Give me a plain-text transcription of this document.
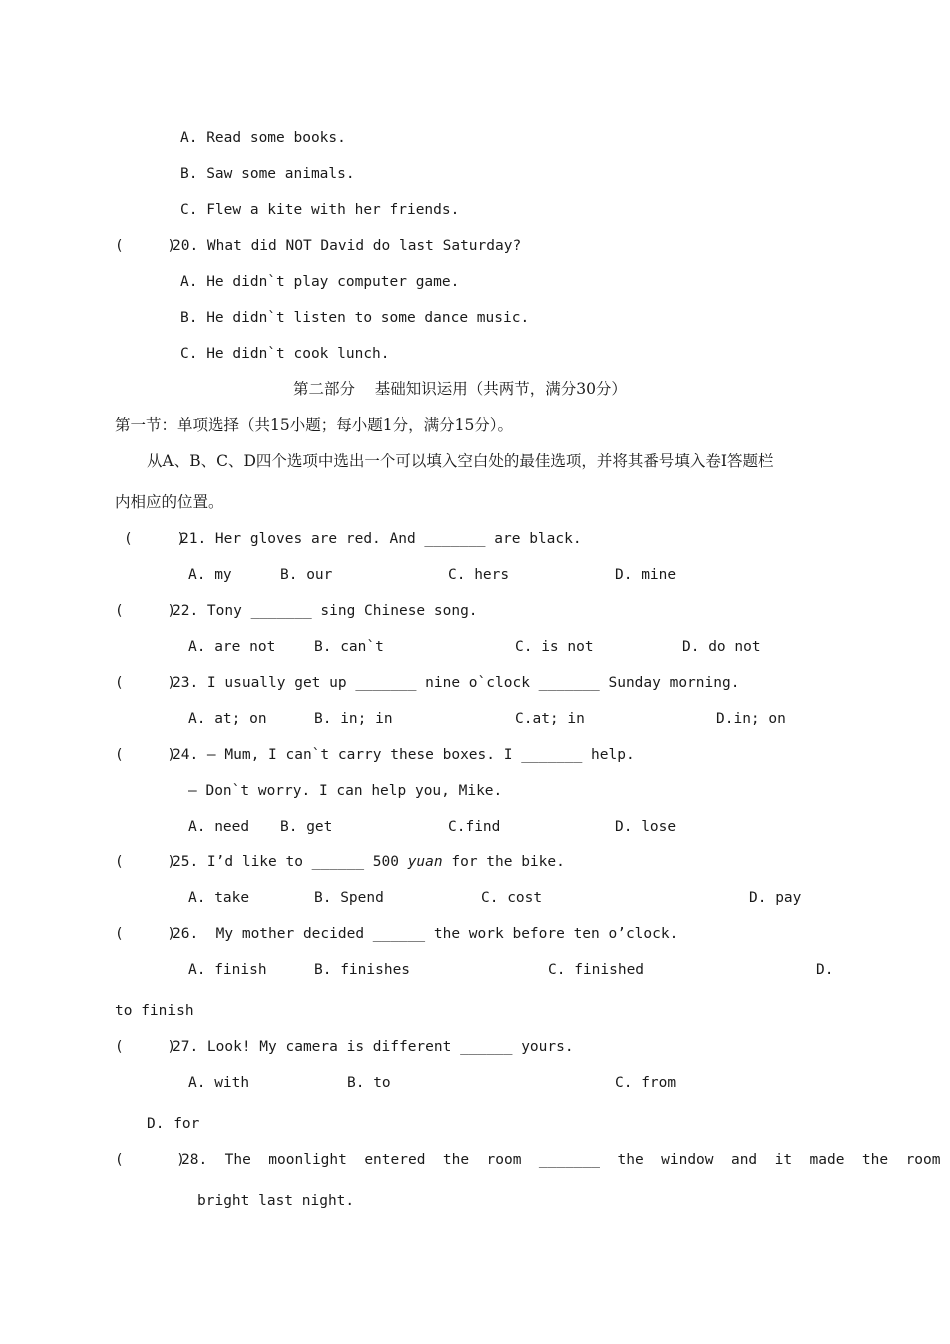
A. Read some books.
B. Saw some animals.
C. Flew a kite with her friends.
(     )
20. What did NOT David do last Saturday?
A. He didn`t play computer game.
B. He didn`t listen to some dance music.
C. He didn`t cook lunch.
第二部分    基础知识运用（共两节，满分30分）
第一节：单项选择（共15小题；每小题1分，满分15分）。
从A、B、C、D四个选项中选出一个可以填入空白处的最佳选项，并将其番号填入卷Ⅰ答题栏
内相应的位置。
(     )
21. Her gloves are red. And _______ are black.
A. my	B. our	C. hers	D. mine
(     )
22. Tony _______ sing Chinese song.
A. are not	B. can`t	C. is not	D. do not
(     )
23. I usually get up _______ nine o`clock _______ Sunday morning.
A. at; on	B. in; in	C.at; in	D.in; on
(     )
24. — Mum, I can`t carry these boxes. I _______ help.
— Don`t worry. I can help you, Mike.
A. need B. get	C.find	D. lose
(     )
25. I’d like to ______ 500 yuan for the bike.
A. take	B. Spend	C. cost	D. pay
(     )
26.  My mother decided ______ the work before ten o’clock.
A. finish	B. finishes	C. finished	D.
to finish
(     )
27. Look! My camera is different ______ yours.
A. with	B. to	C. from
D. for
(      )
28.  The  moonlight  entered  the  room  _______  the  window  and  it  made  the  room
bright last night.
